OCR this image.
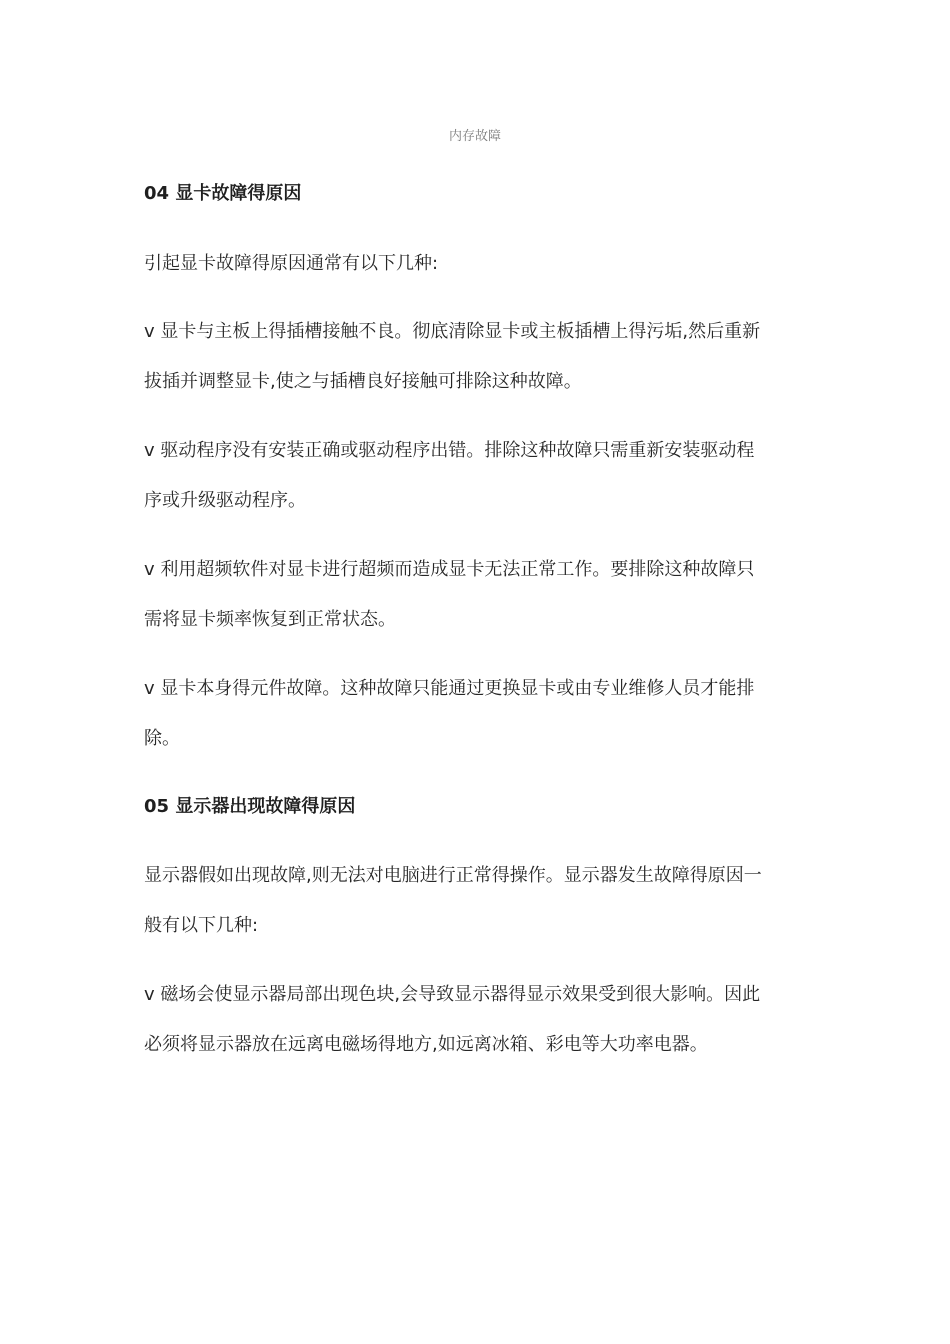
内存故障
04 显卡故障得原因
引起显卡故障得原因通常有以下几种:
v 显卡与主板上得插槽接触不良。彻底清除显卡或主板插槽上得污垢,然后重新
拔插并调整显卡,使之与插槽良好接触可排除这种故障。
v 驱动程序没有安装正确或驱动程序出错。排除这种故障只需重新安装驱动程
序或升级驱动程序。
v 利用超频软件对显卡进行超频而造成显卡无法正常工作。要排除这种故障只
需将显卡频率恢复到正常状态。
v 显卡本身得元件故障。这种故障只能通过更换显卡或由专业维修人员才能排
除。
05 显示器出现故障得原因
显示器假如出现故障,则无法对电脑进行正常得操作。显示器发生故障得原因一
般有以下几种:
v 磁场会使显示器局部出现色块,会导致显示器得显示效果受到很大影响。因此
必须将显示器放在远离电磁场得地方,如远离冰箱、彩电等大功率电器。
